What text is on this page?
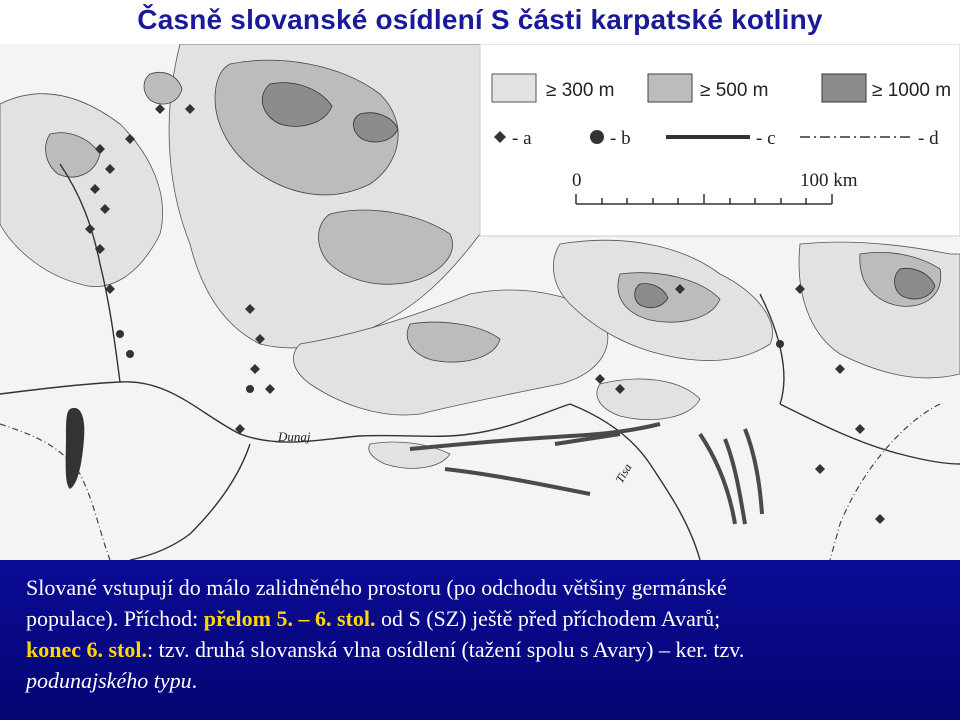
Časně slovanské osídlení S části karpatské kotliny
Dunaj
Tisa
≥ 300 m	≥ 500 m	≥ 1000 m
- a	- b	- c	- d
0	100 km

Slované vstupují do málo zalidněného prostoru (po odchodu většiny germánské
populace). Příchod: přelom 5. – 6. stol. od S (SZ) ještě před příchodem Avarů;
konec 6. stol.: tzv. druhá slovanská vlna osídlení (tažení spolu s Avary) – ker. tzv.
podunajského typu.
